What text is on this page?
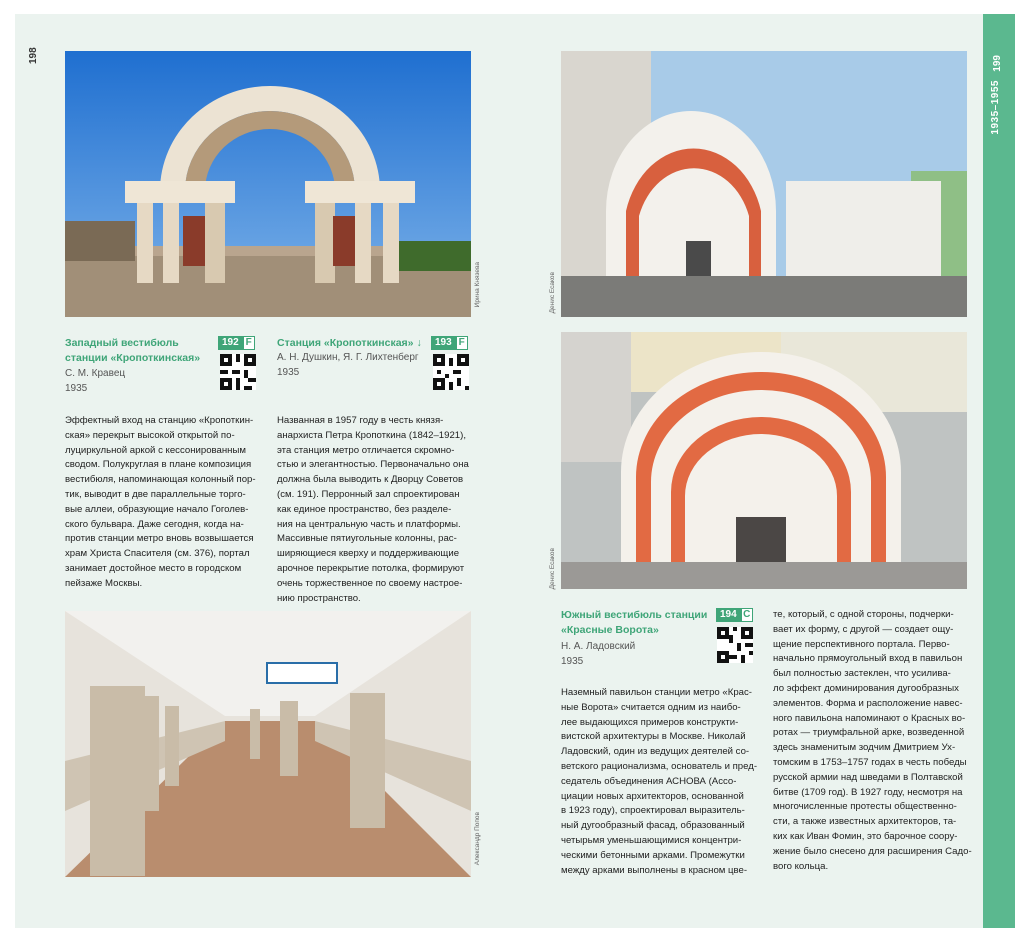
198	199
1935–1955
Ирина Князева	Денис Есаков
Денис Есаков
Александр Попов
Западный вестибюль
станции «Кропоткинская»
192 F
С. М. Кравец
1935
Эффектный вход на станцию «Кропоткин-
ская» перекрыт высокой открытой по-
луциркульной аркой с кессонированным
сводом. Полукруглая в плане композиция
вестибюля, напоминающая колонный пор-
тик, выводит в две параллельные торго-
вые аллеи, образующие начало Гоголев-
ского бульвара. Даже сегодня, когда на-
против станции метро вновь возвышается
храм Христа Спасителя (см. 376), портал
занимает достойное место в городском
пейзаже Москвы.
Станция «Кропоткинская» ↓	193 F
А. Н. Душкин, Я. Г. Лихтенберг
1935
Названная в 1957 году в честь князя-
анархиста Петра Кропоткина (1842–1921),
эта станция метро отличается скромно-
стью и элегантностью. Первоначально она
должна была выводить к Дворцу Советов
(см. 191). Перронный зал спроектирован
как единое пространство, без разделе-
ния на центральную часть и платформы.
Массивные пятиугольные колонны, рас-
ширяющиеся кверху и поддерживающие
арочное перекрытие потолка, формируют
очень торжественное по своему настрое-
нию пространство.
Южный вестибюль станции
«Красные Ворота»
194 C
Н. А. Ладовский
1935
Наземный павильон станции метро «Крас-
ные Ворота» считается одним из наибо-
лее выдающихся примеров конструкти-
вистской архитектуры в Москве. Николай
Ладовский, один из ведущих деятелей со-
ветского рационализма, основатель и пред-
седатель объединения АСНОВА (Ассо-
циации новых архитекторов, основанной
в 1923 году), спроектировал выразитель-
ный дугообразный фасад, образованный
четырьмя уменьшающимися концентри-
ческими бетонными арками. Промежутки
между арками выполнены в красном цве-
те, который, с одной стороны, подчерки-
вает их форму, с другой — создает ощу-
щение перспективного портала. Перво-
начально прямоугольный вход в павильон
был полностью застеклен, что усилива-
ло эффект доминирования дугообразных
элементов. Форма и расположение навес-
ного павильона напоминают о Красных во-
ротах — триумфальной арке, возведенной
здесь знаменитым зодчим Дмитрием Ух-
томским в 1753–1757 годах в честь победы
русской армии над шведами в Полтавской
битве (1709 год). В 1927 году, несмотря на
многочисленные протесты общественно-
сти, а также известных архитекторов, та-
ких как Иван Фомин, это барочное соору-
жение было снесено для расширения Садо-
вого кольца.
